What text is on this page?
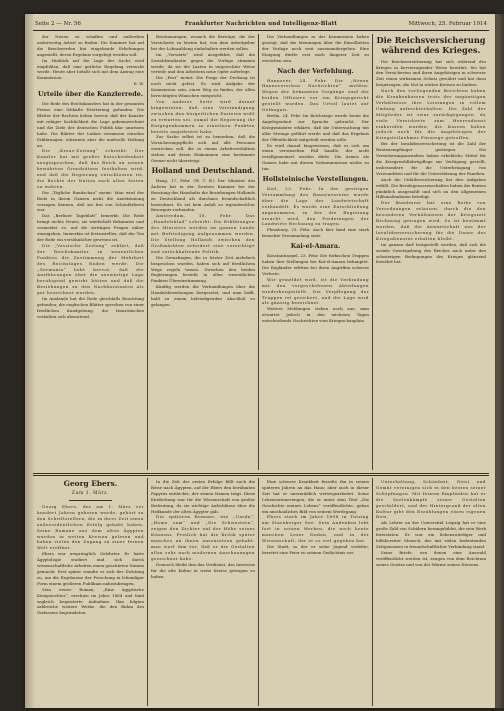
Seite 2 — Nr. 56	Frankfurter Nachrichten und Intelligenz-Blatt	Mittwoch, 25. Februar 1914

der Neuen zu schaffen und außerdem anderweitig Arbeit zu finden. Die Kammer hat auf die Beschwerden hin eingehende Erhebungen angestellt, deren Ergebnis vorgelegt werden soll.

Im Hinblick auf die Lage der Sache wird empfohlen, daß eine gütliche Regelung versucht werde. Heute aber befaßt sich mit dem Antrag eine Kommission.

E. W.
Urteile über die Kanzlerrede.

Die Rede des Reichskanzlers hat in der gesamten Presse eine lebhafte Erörterung gefunden. Die Blätter der Rechten heben hervor, daß der Kanzler mit ruhiger Sachlichkeit die Lage gekennzeichnet und die Ziele der deutschen Politik klar umrissen habe. Die Blätter der Linken vermissen einzelne Erklärungen, erkennen aber die maßvolle Haltung an.

Die „Kreuz-Zeitung“ schreibt: Der Kanzler hat mit großer Entschiedenheit ausgesprochen, daß das Reich an seinen bewährten Grundsätzen festhalten wird, und daß die Regierung entschlossen ist, die Rechte der Nation nach allen Seiten zu wahren.

Die „Tägliche Rundschau“ meint: Man wird der Rede in ihrem Ganzen nicht die Anerkennung versagen können, daß sie frei von Schönfärberei war.

Das „Berliner Tageblatt“ bemerkt: Die Rede bringt nichts Neues, sie wiederholt Bekanntes und vermeidet es, auf die strittigen Fragen näher einzugehen. Immerhin ist festzustellen, daß der Ton der Rede ein versöhnlicher gewesen ist.

Die „Vossische Zeitung“ erklärt, daß der Reichskanzler in wesentlichen Punkten die Zustimmung der Mehrheit des Reichstages finden werde. Die „Germania“ hebt hervor, daß die Ausführungen über die auswärtige Lage beruhigend gewirkt hätten und daß die Beziehungen zu den Nachbarstaaten als gut bezeichnet wurden.

Im Auslande hat die Rede gleichfalls Beachtung gefunden; die englischen Blätter sprechen von einer friedlichen Kundgebung, die französischen verhalten sich abwartend.

Bestimmungen, wonach die Beiträge, die der Versicherte zu leisten hat, von dem Arbeitgeber bei der Lohnzahlung einbehalten werden sollen.

Im „Vorwärts“ wird ausgeführt, daß die Sozialdemokratie gegen die Vorlage stimmen werde, da sie die Lasten in ungerechter Weise verteile und den Arbeitern neue Opfer auferlege.

Die „Post“ meint: Die Frage der Deckung ist noch nicht gelöst. Es wird Aufgabe der Kommission sein, einen Weg zu finden, der allen berechtigten Wünschen entspricht.

Von anderer Seite wird darauf hingewiesen, daß eine Verständigung zwischen den bürgerlichen Parteien wohl zu erwarten sei, zumal die Regierung ihr Entgegenkommen in einzelnen Punkten bereits angedeutet habe.

Zur Sache selbst ist zu bemerken, daß die Versicherungspflicht sich auf alle Personen erstrecken soll, die in einem Arbeitsverhältnis stehen und deren Einkommen eine bestimmte Grenze nicht übersteigt.

Holland und Deutschland.

Haag, 17. Febr. (W. T. B.) Der Minister des Äußern hat in der Zweiten Kammer bei der Beratung des Haushalts die Beziehungen Hollands zu Deutschland als durchaus freundschaftlich bezeichnet. Es sei kein Anlaß zu irgendwelcher Besorgnis vorhanden.

Amsterdam, 18. Febr. Das „Handelsblad“ schreibt: Die Erklärungen des Ministers werden im ganzen Lande mit Befriedigung aufgenommen werden. Die Stellung Hollands zwischen den Großmächten erfordert eine vorsichtige und zurückhaltende Politik.

Die Grenzfragen, die in letzter Zeit mehrfach besprochen wurden, haben sich auf friedlichem Wege regeln lassen. Zwischen den beiden Regierungen besteht in allen wesentlichen Punkten Übereinstimmung.

Künftig werden die Verhandlungen über die Handelsbeziehungen fortgesetzt, und man hofft, bald zu einem befriedigenden Abschluß zu gelangen.

Die Verhandlungen in der Kommission haben gezeigt, daß die Meinungen über die Einzelheiten der Vorlage noch weit auseinandergehen. Eine Einigung dürfte erst nach längerer Zeit zu erreichen sein.

Nach der Verfehlung.

Hannover, 24. Febr. Die „Neuen Hannoverschen Nachrichten“ melden: Wegen der bekannten Vorgänge sind die beiden Offiziere vor ein Kriegsgericht gestellt worden. Das Urteil lautet auf Gefängnis.

Berlin, 24. Febr. Im Reichstage wurde heute die Angelegenheit zur Sprache gebracht. Der Kriegsminister erklärte, daß die Untersuchung mit aller Strenge geführt werde und daß das Ergebnis der Öffentlichkeit mitgeteilt werden solle.

Es wird darauf hingewiesen, daß es sich um einen vereinzelten Fall handle, der nicht verallgemeinert werden dürfe. Die Armee als Ganzes habe mit diesen Vorkommnissen nichts zu tun.

Hollsteinische Verstellungen.

Kiel, 23. Febr. In der gestrigen Versammlung des Bauernvereins wurde über die Lage der Landwirtschaft verhandelt. Es wurde eine Entschließung angenommen, in der die Regierung ersucht wird, den Forderungen der Landwirte Rechnung zu tragen.

Flensburg, 23. Febr. Auch hier fand eine stark besuchte Versammlung statt.

Kai-el-Amara.

Konstantinopel, 23. Febr. Die türkischen Truppen haben ihre Stellungen bei Kut-el-Amara behauptet. Die Engländer erlitten bei ihren Angriffen schwere Verluste.

Wie gemeldet wird, ist die Verbindung mit den vorgeschobenen Abteilungen wiederhergestellt. Die Verpflegung der Truppen ist gesichert, und die Lage wird als günstig bezeichnet.

Weitere Meldungen stehen noch aus; man erwartet jedoch in den nächsten Tagen entscheidende Nachrichten vom Kriegsschauplatz.

Die Reichsversicherung während des Krieges.

Die Reichsversicherung hat sich während des Krieges in hervorragender Weise bewährt. Sie hat den Versicherten und ihren Angehörigen in schwerer Zeit einen wirksamen Schutz gewährt und hat dazu beigetragen, die Not in weiten Kreisen zu lindern.

Nach den vorliegenden Berichten haben die Krankenkassen trotz der ungünstigen Verhältnisse ihre Leistungen in vollem Umfang aufrechterhalten. Die Zahl der Mitglieder ist zwar zurückgegangen, da viele Versicherte zum Heeresdienst einberufen wurden; die Kassen haben jedoch auch für die Angehörigen der Kriegsteilnehmer Fürsorge getroffen.

Bei der Invalidenversicherung ist die Zahl der Rentenempfänger gestiegen. Die Versicherungsanstalten haben erhebliche Mittel für die Kriegswohlfahrtspflege zur Verfügung gestellt, insbesondere für die Unterbringung von Verwundeten und für die Unterstützung der Familien.

Auch die Unfallversicherung hat ihre Aufgaben erfüllt. Die Berufsgenossenschaften haben die Renten pünktlich ausgezahlt und sich an den allgemeinen Hilfsmaßnahmen beteiligt.

Der Bundesrat hat eine Reihe von Verordnungen erlassen, durch die den besonderen Verhältnissen der Kriegszeit Rechnung getragen wird. So ist bestimmt worden, daß die Anwartschaft aus der Invalidenversicherung für die Dauer des Kriegsdienstes erhalten bleibt.

Im ganzen darf festgestellt werden, daß sich die soziale Gesetzgebung des Reiches auch unter den schwierigen Bedingungen des Krieges glänzend bewährt hat.

Georg Ebers.
Zum 1. März.

Georg Ebers, der am 1. März vor hundert Jahren geboren wurde, gehört zu den Schriftstellern, die in ihrer Zeit einen außerordentlichen Erfolg gehabt haben. Seine Romane aus dem alten Ägypten wurden in weiten Kreisen gelesen und haben vielen den Zugang zu einer fernen Welt eröffnet.

Ebers war ursprünglich Gelehrter. Er hatte Ägyptologie studiert und sich durch wissenschaftliche Arbeiten einen geachteten Namen gemacht. Erst später wandte er sich der Dichtung zu, um die Ergebnisse der Forschung in lebendiger Form einem größeren Publikum nahezubringen.

Sein erster Roman, „Eine ägyptische Königstochter“, erschien im Jahre 1864 und fand sogleich begeisterte Aufnahme. Ihm folgten zahlreiche weitere Werke, die den Ruhm des Verfassers begründeten.

In die Zeit der ersten Erfolge fällt auch die Reise nach Ägypten, auf der Ebers den berühmten Papyrus entdeckte, der seinen Namen trägt. Diese Entdeckung war für die Wissenschaft von großer Bedeutung, da sie wichtige Aufschlüsse über die Heilkunde der alten Ägypter gab.

Die späteren Romane, wie „Uarda“, „Homo sum“ und „Die Schwestern“, zeigen den Dichter auf der Höhe seines Könnens. Freilich hat die Kritik später manches an ihnen auszusetzen gehabt: man warf ihm vor, daß er die Gestalten allzu sehr nach modernen Anschauungen gezeichnet habe.

Dennoch bleibt ihm das Verdienst, das Interesse für die alte Kultur in weite Kreise getragen zu haben.

Eine schwere Krankheit fesselte ihn in seinen späteren Jahren an das Haus; aber auch in dieser Zeit hat er unermüdlich weitergearbeitet. Seine Lebenserinnerungen, die er unter dem Titel „Die Geschichte meines Lebens“ veröffentlichte, geben ein anschauliches Bild von seinem Werdegang.

Ebers starb im Jahre 1898 in Tutzing am Starnberger See. Sein Andenken lebt fort in seinen Werken, die noch heute manchen Leser finden, und in der Wissenschaft, der er so viel gegeben hat.

Die Stadt, in der er seine Jugend verlebte, bereitet eine Feier zu seinem Gedächtnis vor.

Unterhaltung, Schönheit, Geist und Gemüt vereinigen sich in den besten seiner Schöpfungen. Mit feinem Empfinden hat er die Seelenkämpfe seiner Gestalten geschildert, und der Hintergrund der alten Kultur gibt den Erzählungen einen eigenen Reiz.

Als Lehrer an der Universität Leipzig hat er eine große Zahl von Schülern herangebildet, die sein Werk fortsetzten. Er war ein liebenswürdiger und hilfsbereiter Mensch, der mit vielen bedeutenden Zeitgenossen in freundschaftlicher Verbindung stand.

Seine Briefe, von denen eine Auswahl veröffentlicht worden ist, zeugen von dem Reichtum seines Geistes und von der Wärme seines Herzens.
